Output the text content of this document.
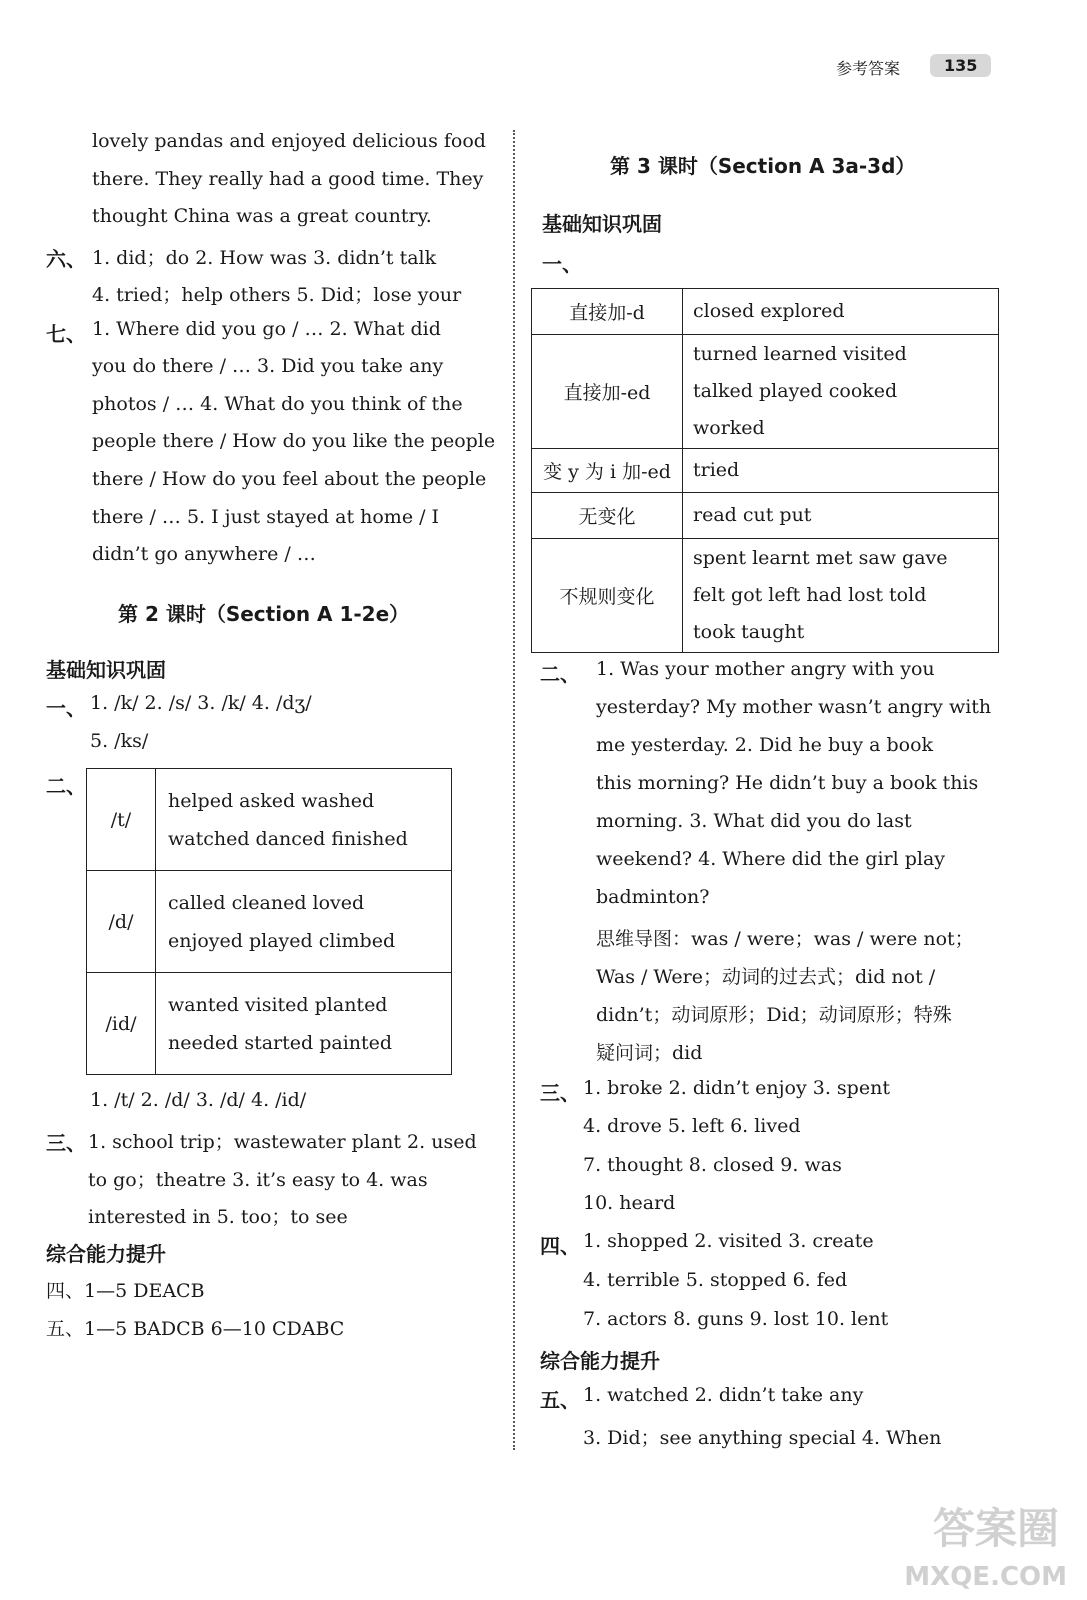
参考答案	135
lovely pandas and enjoyed delicious food
there. They really had a good time. They
thought China was a great country.
六、 1. did；do 2. How was 3. didn’t talk
4. tried；help others 5. Did；lose your
七、 1. Where did you go / … 2. What did
you do there / … 3. Did you take any
photos / … 4. What do you think of the
people there / How do you like the people
there / How do you feel about the people
there / … 5. I just stayed at home / I
didn’t go anywhere / …
第 2 课时（Section A 1-2e）
基础知识巩固
一、 1. /k/ 2. /s/ 3. /k/ 4. /dʒ/
5. /ks/
二、
/t/	helped asked washed
watched danced finished

/d/	called cleaned loved
enjoyed played climbed

/id/	wanted visited planted
needed started painted
1. /t/ 2. /d/ 3. /d/ 4. /id/
三、 1. school trip；wastewater plant 2. used
to go；theatre 3. it’s easy to 4. was
interested in 5. too；to see
综合能力提升
四、1—5 DEACB
五、1—5 BADCB 6—10 CDABC
第 3 课时（Section A 3a-3d）
基础知识巩固
一、
直接加-d	closed explored

直接加-ed	turned learned visited
talked played cooked
worked

变 y 为 i 加-ed	tried

无变化	read cut put

不规则变化	spent learnt met saw gave
felt got left had lost told
took taught
二、 1. Was your mother angry with you
yesterday? My mother wasn’t angry with
me yesterday. 2. Did he buy a book
this morning? He didn’t buy a book this
morning. 3. What did you do last
weekend? 4. Where did the girl play
badminton?
思维导图：was / were；was / were not；
Was / Were；动词的过去式；did not /
didn’t；动词原形；Did；动词原形；特殊
疑问词；did
三、 1. broke 2. didn’t enjoy 3. spent
4. drove 5. left 6. lived
7. thought 8. closed 9. was
10. heard
四、 1. shopped 2. visited 3. create
4. terrible 5. stopped 6. fed
7. actors 8. guns 9. lost 10. lent
综合能力提升
五、 1. watched 2. didn’t take any
3. Did；see anything special 4. When
答案圈
MXQE.COM
